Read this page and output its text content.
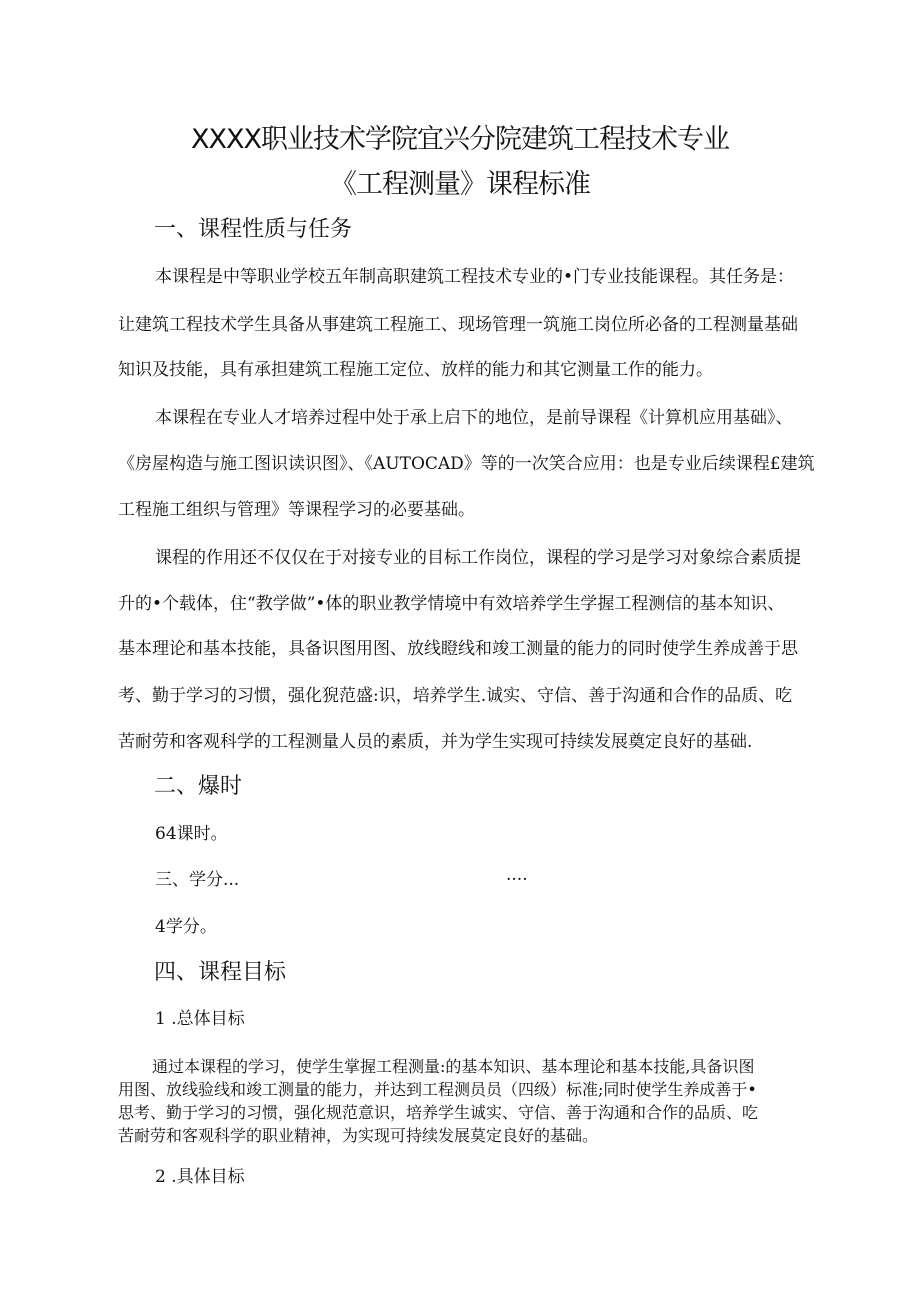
XXXX职业技术学院宜兴分院建筑工程技术专业
《工程测量》课程标准
一、课程性质与任务
本课程是中等职业学校五年制高职建筑工程技术专业的•门专业技能课程。其任务是：
让建筑工程技术学生具备从事建筑工程施工、现场管理一筑施工岗位所必备的工程测量基础
知识及技能，具有承担建筑工程施工定位、放样的能力和其它测量工作的能力。
本课程在专业人才培养过程中处于承上启下的地位，是前导课程《计算机应用基础》、
《房屋构造与施工图识读识图》、《AUTOCAD》等的一次笑合应用：也是专业后续课程£建筑
工程施工组织与管理》等课程学习的必要基础。
课程的作用还不仅仅在于对接专业的目标工作岗位，课程的学习是学习对象综合素质提
升的•个载体，住“教学做”•体的职业教学情境中有效培养学生学握工程测信的基本知识、
基本理论和基本技能，具备识图用图、放线瞪线和竣工测量的能力的同时使学生养成善于思
考、勤于学习的习惯，强化猊范盛:识，培养学生.诚实、守信、善于沟通和合作的品质、吃
苦耐劳和客观科学的工程测量人员的素质，并为学生实现可持续发展奠定良好的基础.
二、爆时
64课时。
三、学分...	....
4学分。
四、课程目标
1 .总体目标
通过本课程的学习，使学生掌握工程测量:的基本知识、基本理论和基本技能,具备识图
用图、放线验线和竣工测量的能力，并达到工程测员员（四级）标准;同时使学生养成善于•
思考、勤于学习的习惯，强化规范意识，培养学生诚实、守信、善于沟通和合作的品质、吃
苦耐劳和客观科学的职业精神，为实现可持续发展莫定良好的基础。
2 .具体目标
